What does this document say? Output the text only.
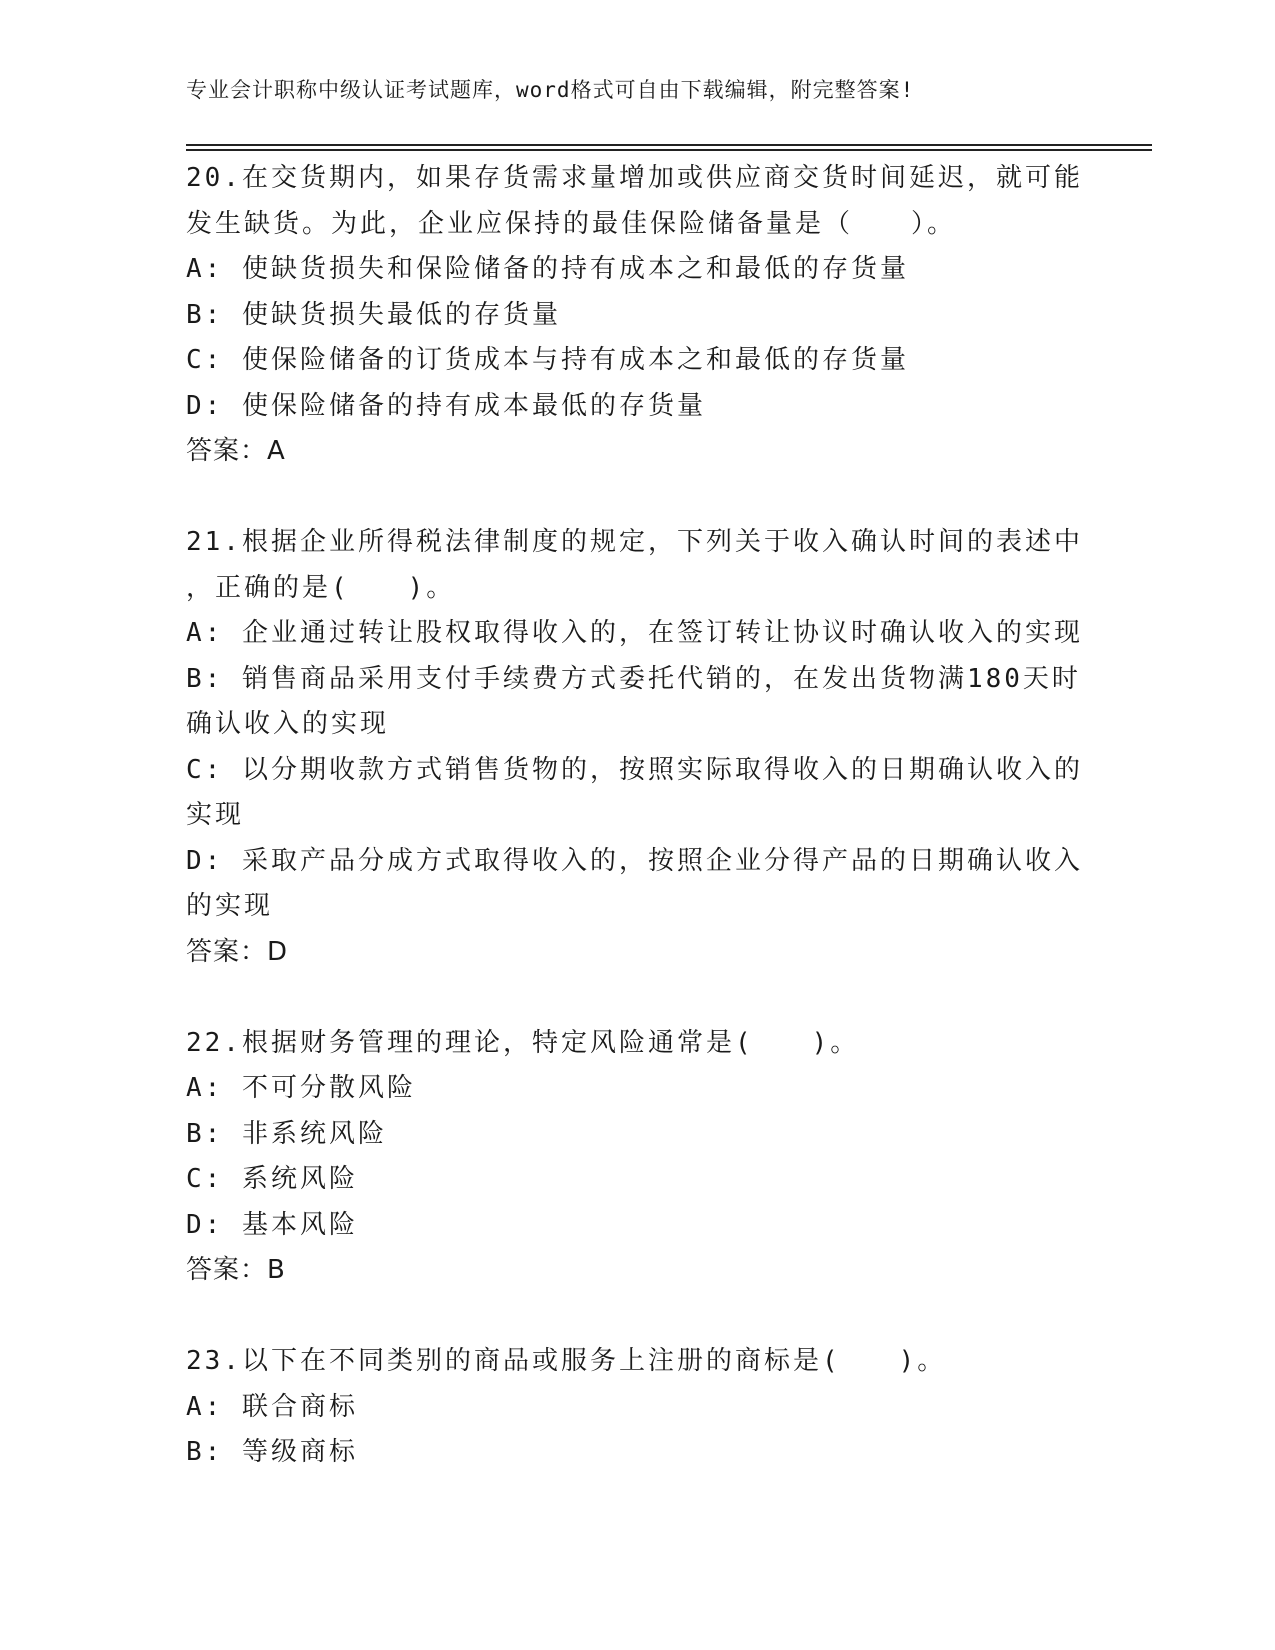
专业会计职称中级认证考试题库，word格式可自由下载编辑，附完整答案!
20.在交货期内，如果存货需求量增加或供应商交货时间延迟，就可能
发生缺货。为此，企业应保持的最佳保险储备量是（　　）。
A: 使缺货损失和保险储备的持有成本之和最低的存货量
B: 使缺货损失最低的存货量
C: 使保险储备的订货成本与持有成本之和最低的存货量
D: 使保险储备的持有成本最低的存货量
答案：A
21.根据企业所得税法律制度的规定，下列关于收入确认时间的表述中
，正确的是(　　)。
A: 企业通过转让股权取得收入的，在签订转让协议时确认收入的实现
B: 销售商品采用支付手续费方式委托代销的，在发出货物满180天时
确认收入的实现
C: 以分期收款方式销售货物的，按照实际取得收入的日期确认收入的
实现
D: 采取产品分成方式取得收入的，按照企业分得产品的日期确认收入
的实现
答案：D
22.根据财务管理的理论，特定风险通常是(　　)。
A: 不可分散风险
B: 非系统风险
C: 系统风险
D: 基本风险
答案：B
23.以下在不同类别的商品或服务上注册的商标是(　　)。
A: 联合商标
B: 等级商标
